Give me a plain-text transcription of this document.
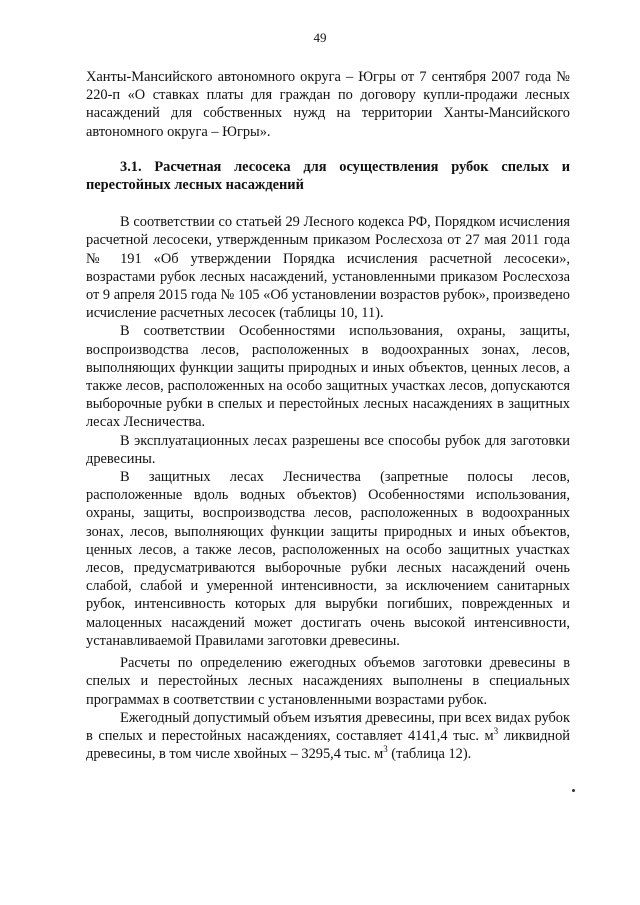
49

Ханты-Мансийского автономного округа – Югры от 7 сентября 2007 года № 220-п «О ставках платы для граждан по договору купли-продажи лесных насаждений для собственных нужд на территории Ханты-Мансийского автономного округа – Югры».

3.1. Расчетная лесосека для осуществления рубок спелых и перестойных лесных насаждений

В соответствии со статьей 29 Лесного кодекса РФ, Порядком исчисления расчетной лесосеки, утвержденным приказом Рослесхоза от 27 мая 2011 года № 191 «Об утверждении Порядка исчисления расчетной лесосеки», возрастами рубок лесных насаждений, установленными приказом Рослесхоза от 9 апреля 2015 года № 105 «Об установлении возрастов рубок», произведено исчисление расчетных лесосек (таблицы 10, 11).

В соответствии Особенностями использования, охраны, защиты, воспроизводства лесов, расположенных в водоохранных зонах, лесов, выполняющих функции защиты природных и иных объектов, ценных лесов, а также лесов, расположенных на особо защитных участках лесов, допускаются выборочные рубки в спелых и перестойных лесных насаждениях в защитных лесах Лесничества.

В эксплуатационных лесах разрешены все способы рубок для заготовки древесины.

В защитных лесах Лесничества (запретные полосы лесов, расположенные вдоль водных объектов) Особенностями использования, охраны, защиты, воспроизводства лесов, расположенных в водоохранных зонах, лесов, выполняющих функции защиты природных и иных объектов, ценных лесов, а также лесов, расположенных на особо защитных участках лесов, предусматриваются выборочные рубки лесных насаждений очень слабой, слабой и умеренной интенсивности, за исключением санитарных рубок, интенсивность которых для вырубки погибших, поврежденных и малоценных насаждений может достигать очень высокой интенсивности, устанавливаемой Правилами заготовки древесины.

Расчеты по определению ежегодных объемов заготовки древесины в спелых и перестойных лесных насаждениях выполнены в специальных программах в соответствии с установленными возрастами рубок.

Ежегодный допустимый объем изъятия древесины, при всех видах рубок в спелых и перестойных насаждениях, составляет 4141,4 тыс. $м^3$ ликвидной древесины, в том числе хвойных – 3295,4 тыс. $м^3$ (таблица 12).
